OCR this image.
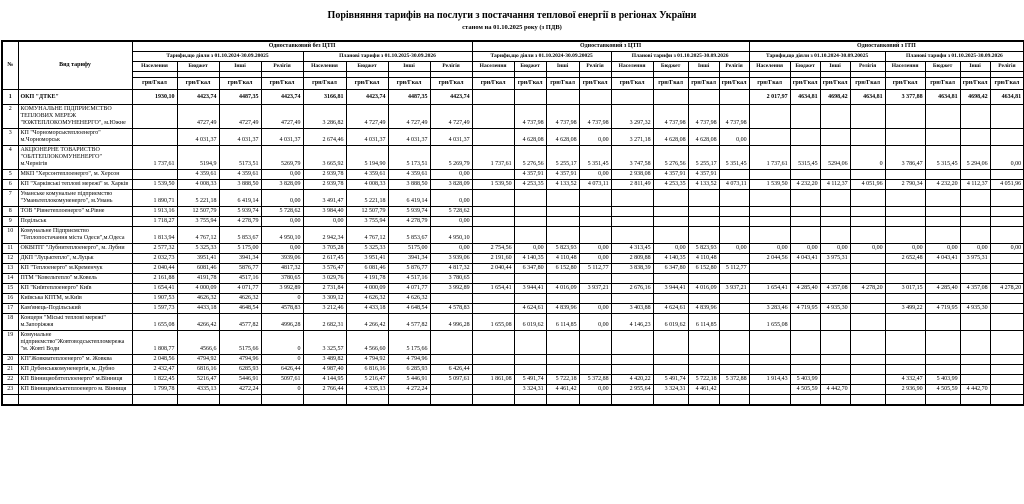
Порівняння тарифів на послуги з постачання теплової енергії в регіонах України
станом на 01.10.2025 року (з ПДВ)
№	Вид тарифу	Одноставковий без ЦТП								Одноставковий з ЦТП								Одноставковий з ІТП							
		Тарифи,що діяли з 01.10.2024-30.09.20025				Планові тарифи з 01.10.2025-30.09.2026				Тарифи,що діяли з 01.10.2024-30.09.20025				Планові тарифи з 01.10.2025-30.09.2026				Тарифи,що діяли з 01.10.2024-30.09.20025				Планові тарифи з 01.10.2025-30.09.2026			
		Населення	Бюджет	Інші	Релігія	Населення	Бюджет	Інші	Релігія	Населення	Бюджет	Інші	Релігія	Населення	Бюджет	Інші	Релігія	Населення	Бюджет	Інші	Релігія	Населення	Бюджет	Інші	Релігія

		грн/Гкал	грн/Гкал	грн/Гкал	грн/Гкал	грн/Гкал	грн/Гкал	грн/Гкал	грн/Гкал	грн/Гкал	грн/Гкал	грн/Гкал	грн/Гкал	грн/Гкал	грн/Гкал	грн/Гкал	грн/Гкал	грн/Гкал	грн/Гкал	грн/Гкал	грн/Гкал	грн/Гкал	грн/Гкал	грн/Гкал	грн/Гкал
1	ОКП "ДТКЕ"	1930,10	4423,74	4487,35	4423,74	3166,81	4423,74	4487,35	4423,74									2 017,97	4634,81	4698,42	4634,81	3 377,88	4634,81	4698,42	4634,81
2	КОМУНАЛЬНЕ ПІДПРИЄМСТВО ТЕПЛОВИХ МЕРЕЖ "ЮЖТЕПЛОКОМУНЕНЕРГО", м.Южне		4727,49	4727,49	4727,49	3 286,82	4 727,49	4 727,49	4 727,49		4 737,98	4 737,98	4 737,98	3 297,32	4 737,98	4 737,98	4 737,98								
3	КП "Чорноморськтеплоенерго" м.Чорноморськ		4 031,37	4 031,37	4 031,37	2 674,46	4 031,37	4 031,37	4 031,37		4 628,08	4 628,08	0,00	3 271,18	4 628,08	4 628,08	0,00								
4	АКЦІОНЕРНЕ ТОВАРИСТВО "ОБЛТЕПЛОКОМУНЕНЕРГО" м.Чернігів	1 737,61	5194,9	5173,51	5269,79	3 665,92	5 194,90	5 173,51	5 269,79	1 737,61	5 276,56	5 255,17	5 351,45	3 747,58	5 276,56	5 255,17	5 351,45	1 737,61	5315,45	5294,06	0	3 786,47	5 315,45	5 294,06	0,00
5	МКП "Херсонтеплоенерго", м. Херсон		4 359,61	4 359,61	0,00	2 939,78	4 359,61	4 359,61	0,00		4 357,91	4 357,91	0,00	2 938,08	4 357,91	4 357,91									
6	КП "Харківські теплові мережі" м. Харків	1 539,50	4 008,33	3 888,50	3 828,09	2 939,78	4 008,33	3 888,50	3 828,09	1 539,50	4 253,35	4 133,52	4 073,11	2 811,49	4 253,35	4 133,52	4 073,11	1 539,50	4 232,20	4 112,37	4 051,96	2 790,34	4 232,20	4 112,37	4 051,96
7	Уманське комунальне підприємство "Уманьтеплокомуненерго", м.Умань	1 890,71	5 221,18	6 419,14	0,00	3 491,47	5 221,18	6 419,14	0,00																
8	ТОВ "Рівнетеплоенерго" м.Рівне	1 913,16	12 507,79	5 939,74	5 728,62	3 984,40	12 507,79	5 939,74	5 728,62																
9	Подільськ	1 718,27	3 755,94	4 278,79	0,00	0,00	3 755,94	4 278,79	0,00																
10	Комунальне Підприємство "Теплопостачання міста Одеси",м.Одеса	1 813,94	4 767,12	5 853,67	4 950,10	2 942,34	4 767,12	5 853,67	4 950,10																
11	ОКВПТГ "Лубнитеплоенерго", м. Лубни	2 577,32	5 325,33	5 175,00	0,00	3 705,28	5 325,33	5175,00	0,00	2 754,56	0,00	5 823,93	0,00	4 313,45	0,00	5 823,93	0,00	0,00	0,00	0,00	0,00	0,00	0,00	0,00	0,00
12	ДКП "Луцьктепло", м.Луцьк	2 032,73	3951,41	3941,34	3939,06	2 617,45	3 951,41	3941,34	3 939,06	2 191,60	4 140,35	4 110,48	0,00	2 809,88	4 140,35	4 110,48		2 044,56	4 043,41	3 975,31		2 652,48	4 043,41	3 975,31	
13	КП "Теплоенерго" м.Кременчук	2 040,44	6081,46	5876,77	4817,32	3 576,47	6 081,46	5 876,77	4 817,32	2 040,44	6 347,80	6 152,80	5 112,77	3 838,39	6 347,80	6 152,80	5 112,77								
14	ПТМ "Ковельтепло" м.Ковель	2 161,88	4191,78	4517,16	3780,65	3 029,76	4 191,78	4 517,16	3 780,65																
15	КП "Київтеплоенерго" Київ	1 654,41	4 000,09	4 071,77	3 992,89	2 731,84	4 000,09	4 071,77	3 992,89	1 654,41	3 944,41	4 016,09	3 937,21	2 676,16	3 944,41	4 016,09	3 937,21	1 654,41	4 285,40	4 357,08	4 278,20	3 017,15	4 285,40	4 357,08	4 278,20
16	Київська КПТМ, м.Київ	1 907,53	4626,32	4626,32	0	3 309,12	4 626,32	4 626,32																	
17	Кам'янець-Подільський	1 597,73	4433,18	4648,54	4578,83	3 212,46	4 433,18	4 648,54	4 578,83		4 624,61	4 839,96	0,00	3 403,88	4 624,61	4 839,96		3 283,46	4 719,95	4 935,30		3 499,22	4 719,95	4 935,30	
18	Концерн "Міські теплові мережі" м.Запоріжжя	1 655,08	4266,42	4577,82	4996,28	2 682,31	4 266,42	4 577,82	4 996,28	1 655,08	6 019,62	6 114,85	0,00	4 146,23	6 019,62	6 114,85		1 655,08							
19	Комунальне підприємство"Жовтоводськтепломережа "м. Жовті Води	1 808,77	4566,6	5175,66	0	3 325,57	4 566,60	5 175,66																	
20	КП"Жовкватеплоенерго" м. Жовква	2 048,56	4794,92	4794,96	0	3 489,82	4 794,92	4 794,96																	
21	КП Дубенськкомуненергія, м. Дубно	2 432,47	6816,16	6285,93	6426,44	4 987,40	6 816,16	6 285,93	6 426,44																
22	КП Вінницяоблтеплоенерго" м.Вінниця	1 822,45	5216,47	5446,91	5097,61	4 144,95	5 216,47	5 446,91	5 097,61	1 861,08	5 491,74	5 722,18	5 372,88	4 420,22	5 491,74	5 722,18	5 372,88	1 914,43	5 403,99			4 332,47	5 403,99		
23	КП Вінницяміськтеплоенерго м. Вінниця	1 799,78	4335,13	4272,24	0	2 766,44	4 335,13	4 272,24			3 324,31	4 461,42	0,00	2 955,64	3 324,31	4 461,42			4 505,59	4 442,70		2 936,90	4 505,59	4 442,70	
